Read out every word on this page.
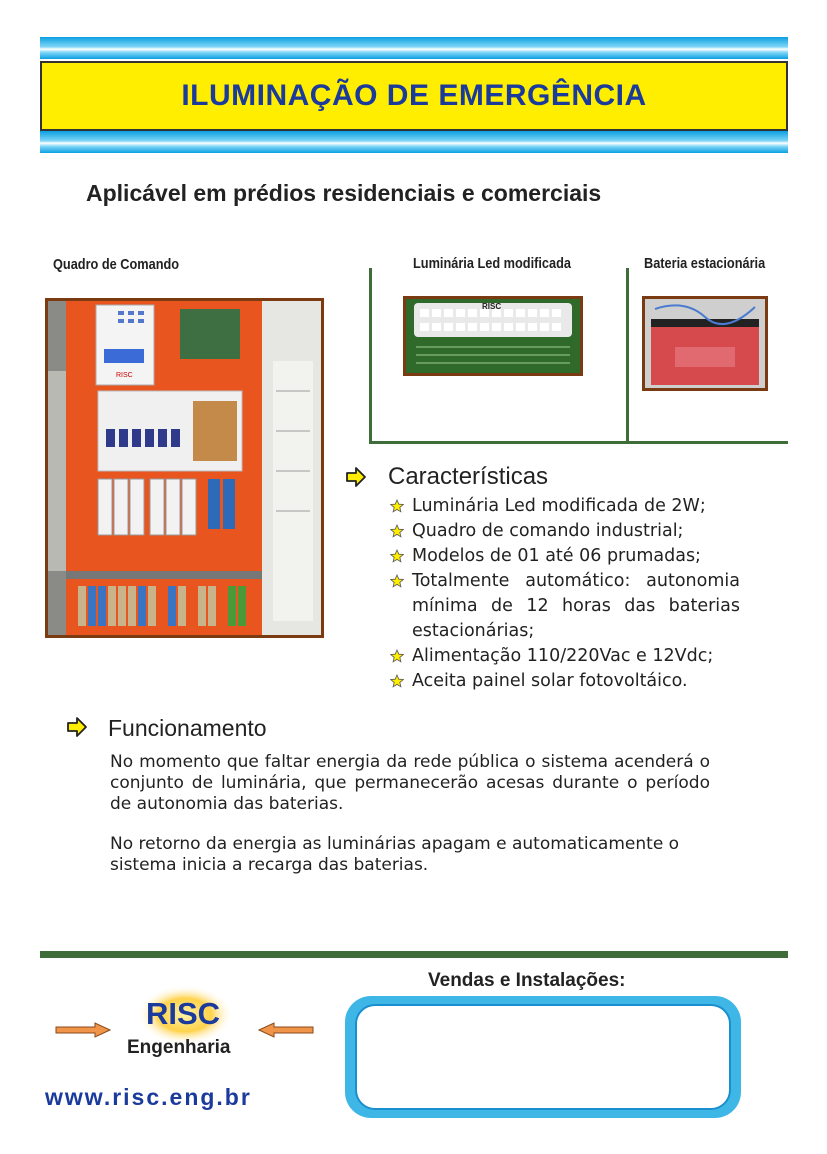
ILUMINAÇÃO DE EMERGÊNCIA
Aplicável em prédios residenciais e comerciais
Quadro de Comando	Luminária Led modificada	Bateria estacionária
RISC
RISC
Características
Luminária Led modificada de 2W;
Quadro de comando industrial;
Modelos de 01 até 06 prumadas;
Totalmente automático: autonomia mínima de 12 horas das baterias estacionárias;
Alimentação 110/220Vac e 12Vdc;
Aceita painel solar fotovoltáico.
Funcionamento
No momento que faltar energia da rede pública o sistema acenderá o conjunto de luminária, que permanecerão acesas durante o período de autonomia das baterias.
No retorno da energia as luminárias apagam e automaticamente o sistema inicia a recarga das baterias.
Vendas e Instalações:
RISC
Engenharia
www.risc.eng.br
